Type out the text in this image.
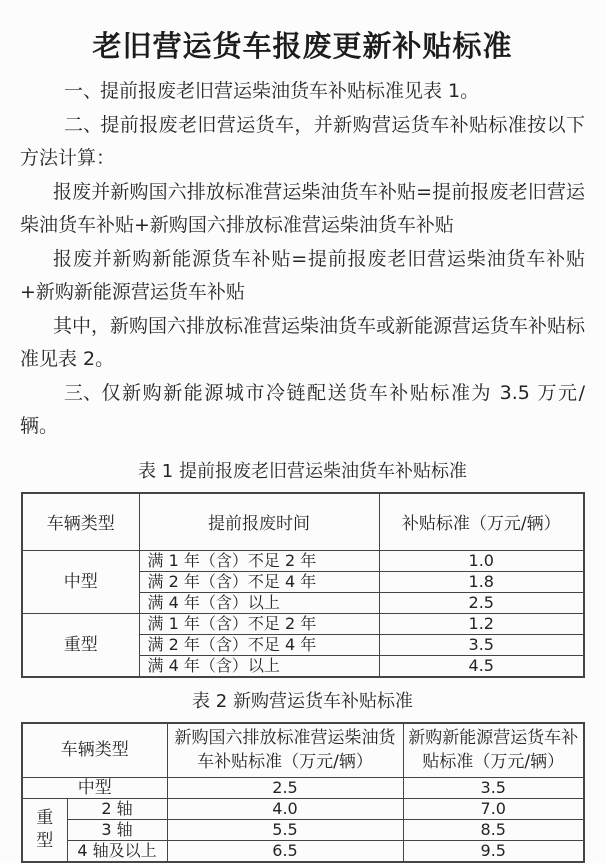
老旧营运货车报废更新补贴标准

一、提前报废老旧营运柴油货车补贴标准见表 1。

二、提前报废老旧营运货车，并新购营运货车补贴标准按以下方法计算：

报废并新购国六排放标准营运柴油货车补贴=提前报废老旧营运柴油货车补贴+新购国六排放标准营运柴油货车补贴

报废并新购新能源货车补贴=提前报废老旧营运柴油货车补贴+新购新能源营运货车补贴

其中，新购国六排放标准营运柴油货车或新能源营运货车补贴标准见表 2。

三、仅新购新能源城市冷链配送货车补贴标准为 3.5 万元/辆。

表 1 提前报废老旧营运柴油货车补贴标准
车辆类型	提前报废时间	补贴标准（万元/辆）
中型	满 1 年（含）不足 2 年	1.0
	满 2 年（含）不足 4 年	1.8
	满 4 年（含）以上	2.5
重型	满 1 年（含）不足 2 年	1.2
	满 2 年（含）不足 4 年	3.5
	满 4 年（含）以上	4.5
表 2 新购营运货车补贴标准
车辆类型		新购国六排放标准营运柴油货车补贴标准（万元/辆）	新购新能源营运货车补贴标准（万元/辆）
中型		2.5	3.5
重型	2 轴	4.0	7.0
	3 轴	5.5	8.5
	4 轴及以上	6.5	9.5
